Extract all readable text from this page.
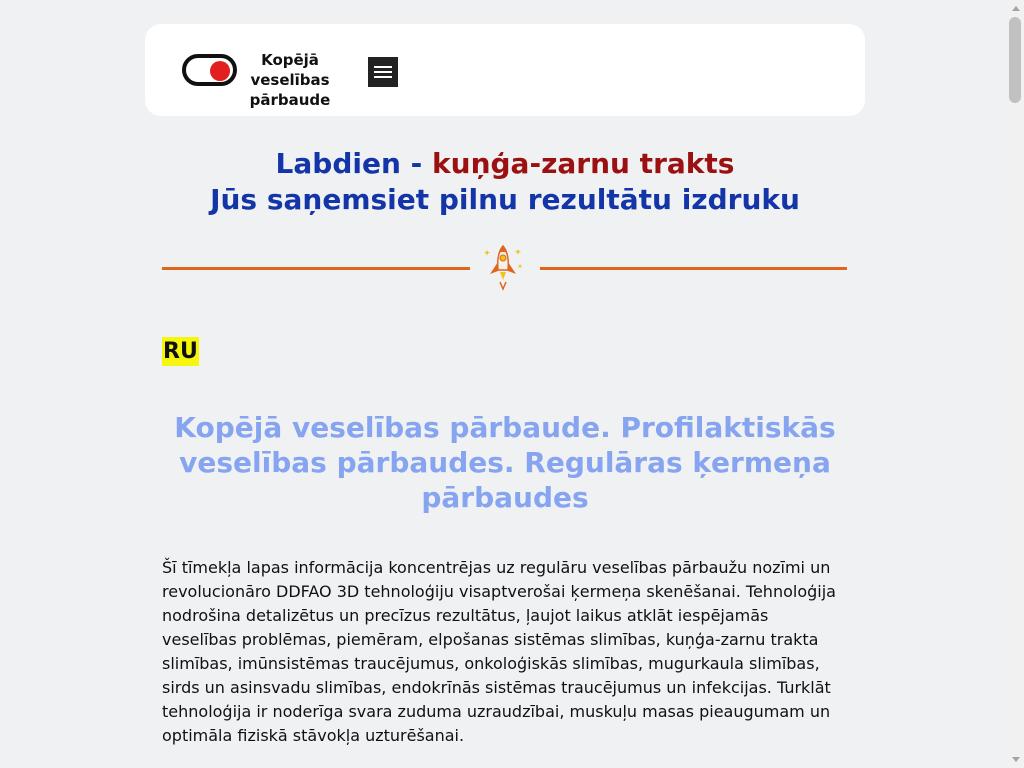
Kopējā veselības pārbaude
Labdien - kuņģa-zarnu trakts
Jūs saņemsiet pilnu rezultātu izdruku
RU
Kopējā veselības pārbaude. Profilaktiskās veselības pārbaudes. Regulāras ķermeņa pārbaudes
Šī tīmekļa lapas informācija koncentrējas uz regulāru veselības pārbaužu nozīmi un revolucionāro DDFAO 3D tehnoloģiju visaptverošai ķermeņa skenēšanai. Tehnoloģija nodrošina detalizētus un precīzus rezultātus, ļaujot laikus atklāt iespējamās veselības problēmas, piemēram, elpošanas sistēmas slimības, kuņģa-zarnu trakta slimības, imūnsistēmas traucējumus, onkoloģiskās slimības, mugurkaula slimības, sirds un asinsvadu slimības, endokrīnās sistēmas traucējumus un infekcijas. Turklāt tehnoloģija ir noderīga svara zuduma uzraudzībai, muskuļu masas pieaugumam un optimāla fiziskā stāvokļa uzturēšanai.
